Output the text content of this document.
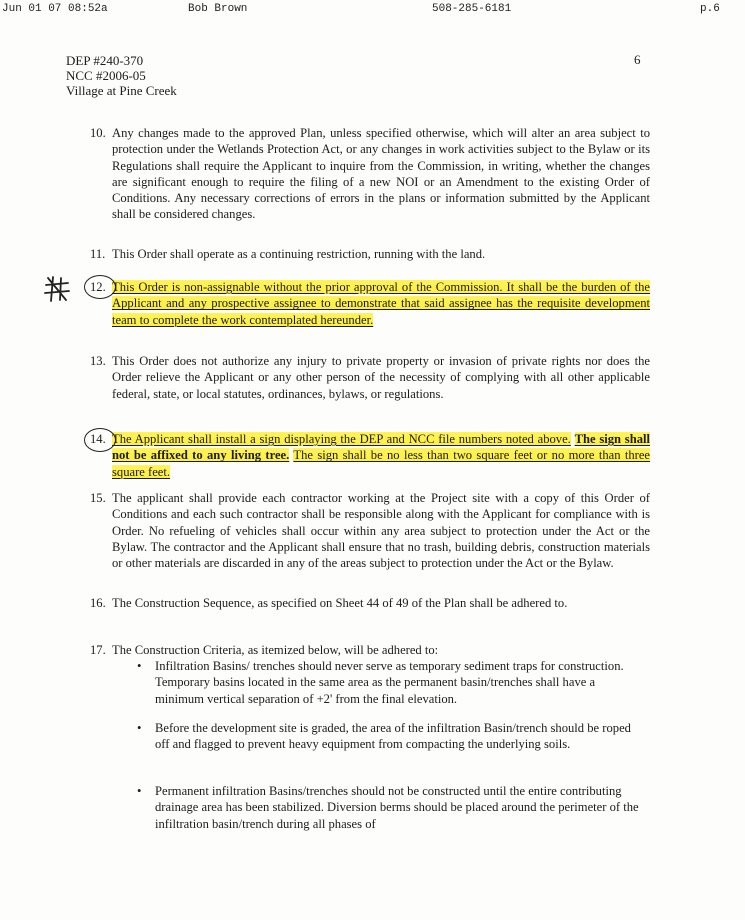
Jun 01 07 08:52a	Bob Brown	508-285-6181	p.6
DEP #240-370
NCC #2006-05
Village at Pine Creek
6
10. Any changes made to the approved Plan, unless specified otherwise, which will alter an area subject to protection under the Wetlands Protection Act, or any changes in work activities subject to the Bylaw or its Regulations shall require the Applicant to inquire from the Commission, in writing, whether the changes are significant enough to require the filing of a new NOI or an Amendment to the existing Order of Conditions. Any necessary corrections of errors in the plans or information submitted by the Applicant shall be considered changes.
11. This Order shall operate as a continuing restriction, running with the land.
12. This Order is non-assignable without the prior approval of the Commission. It shall be the burden of the Applicant and any prospective assignee to demonstrate that said assignee has the requisite development team to complete the work contemplated hereunder.
13. This Order does not authorize any injury to private property or invasion of private rights nor does the Order relieve the Applicant or any other person of the necessity of complying with all other applicable federal, state, or local statutes, ordinances, bylaws, or regulations.
14. The Applicant shall install a sign displaying the DEP and NCC file numbers noted above. The sign shall not be affixed to any living tree. The sign shall be no less than two square feet or no more than three square feet.
15. The applicant shall provide each contractor working at the Project site with a copy of this Order of Conditions and each such contractor shall be responsible along with the Applicant for compliance with is Order. No refueling of vehicles shall occur within any area subject to protection under the Act or the Bylaw. The contractor and the Applicant shall ensure that no trash, building debris, construction materials or other materials are discarded in any of the areas subject to protection under the Act or the Bylaw.
16. The Construction Sequence, as specified on Sheet 44 of 49 of the Plan shall be adhered to.
17. The Construction Criteria, as itemized below, will be adhered to:
• Infiltration Basins/ trenches should never serve as temporary sediment traps for construction. Temporary basins located in the same area as the permanent basin/trenches shall have a minimum vertical separation of +2' from the final elevation.
• Before the development site is graded, the area of the infiltration Basin/trench should be roped off and flagged to prevent heavy equipment from compacting the underlying soils.
• Permanent infiltration Basins/trenches should not be constructed until the entire contributing drainage area has been stabilized. Diversion berms should be placed around the perimeter of the infiltration basin/trench during all phases of
